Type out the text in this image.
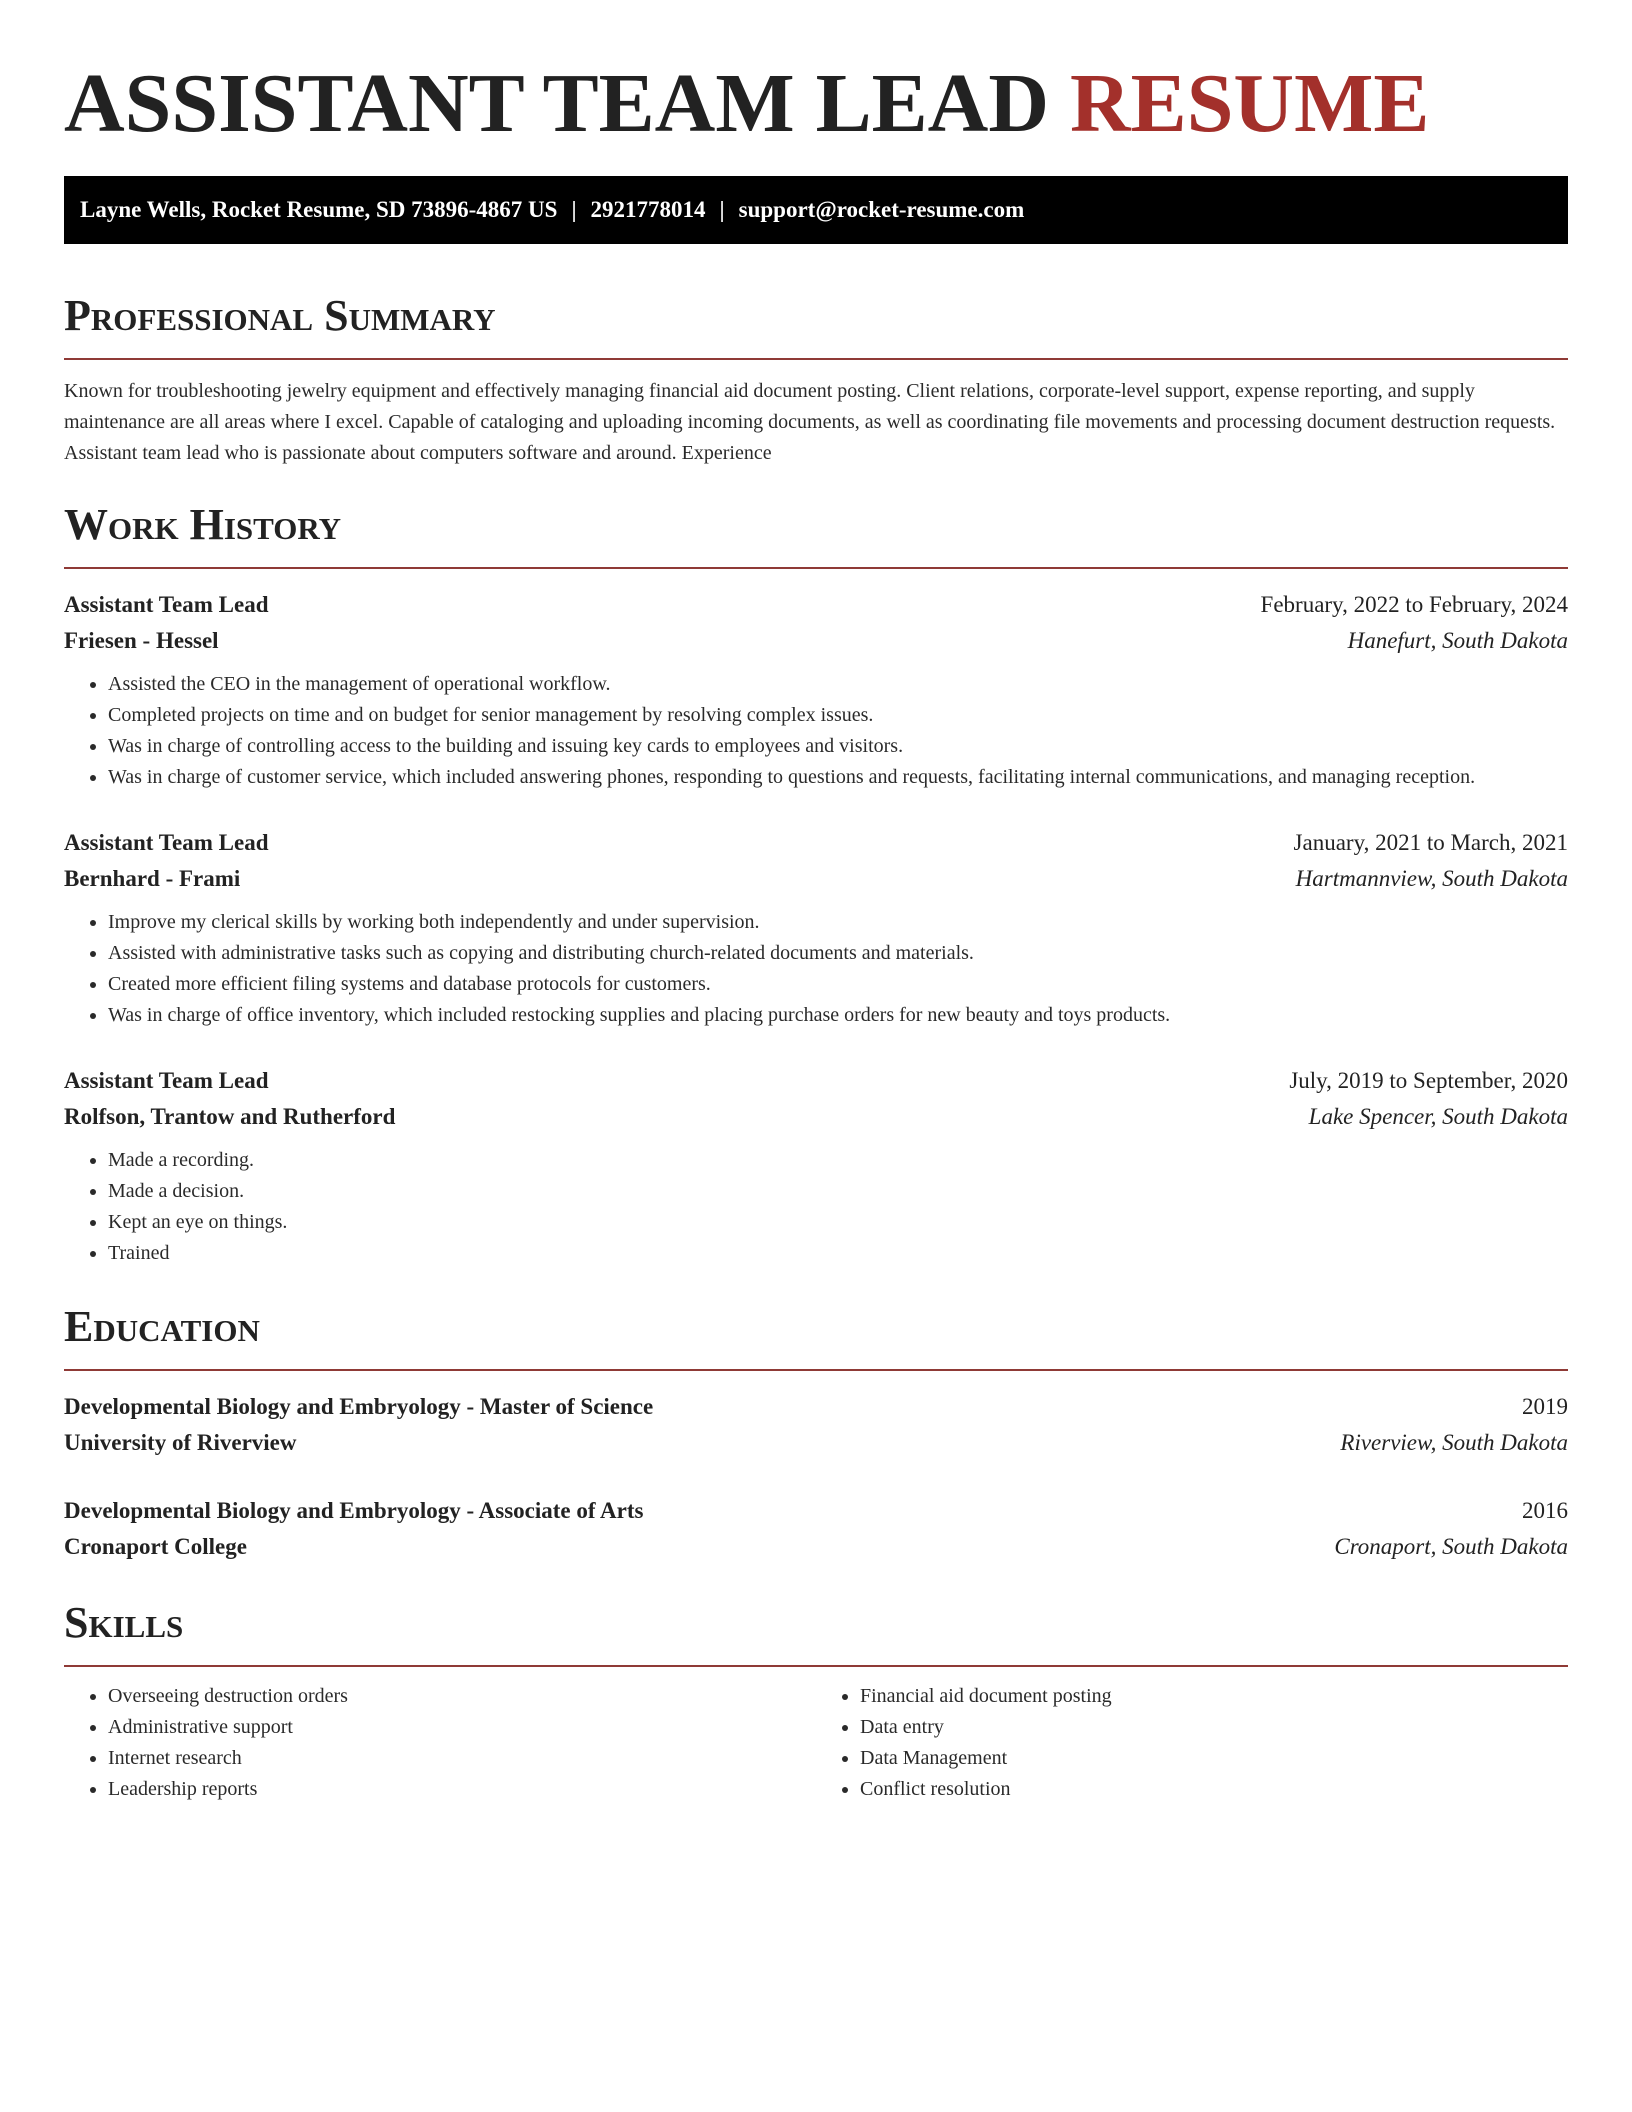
ASSISTANT TEAM LEAD RESUME
Layne Wells, Rocket Resume, SD 73896-4867 US | 2921778014 | support@rocket-resume.com
Professional Summary

Known for troubleshooting jewelry equipment and effectively managing financial aid document posting. Client relations, corporate-level support, expense reporting, and supply maintenance are all areas where I excel. Capable of cataloging and uploading incoming documents, as well as coordinating file movements and processing document destruction requests. Assistant team lead who is passionate about computers software and around. Experience

Work History
Assistant Team Lead	February, 2022 to February, 2024
Friesen - Hessel	Hanefurt, South Dakota
• Assisted the CEO in the management of operational workflow.
• Completed projects on time and on budget for senior management by resolving complex issues.
• Was in charge of controlling access to the building and issuing key cards to employees and visitors.
• Was in charge of customer service, which included answering phones, responding to questions and requests, facilitating internal communications, and managing reception.
Assistant Team Lead	January, 2021 to March, 2021
Bernhard - Frami	Hartmannview, South Dakota
• Improve my clerical skills by working both independently and under supervision.
• Assisted with administrative tasks such as copying and distributing church-related documents and materials.
• Created more efficient filing systems and database protocols for customers.
• Was in charge of office inventory, which included restocking supplies and placing purchase orders for new beauty and toys products.
Assistant Team Lead	July, 2019 to September, 2020
Rolfson, Trantow and Rutherford	Lake Spencer, South Dakota
• Made a recording.
• Made a decision.
• Kept an eye on things.
• Trained
Education
Developmental Biology and Embryology - Master of Science	2019
University of Riverview	Riverview, South Dakota
Developmental Biology and Embryology - Associate of Arts	2016
Cronaport College	Cronaport, South Dakota
Skills
• Overseeing destruction orders
• Administrative support
• Internet research
• Leadership reports
• Financial aid document posting
• Data entry
• Data Management
• Conflict resolution
